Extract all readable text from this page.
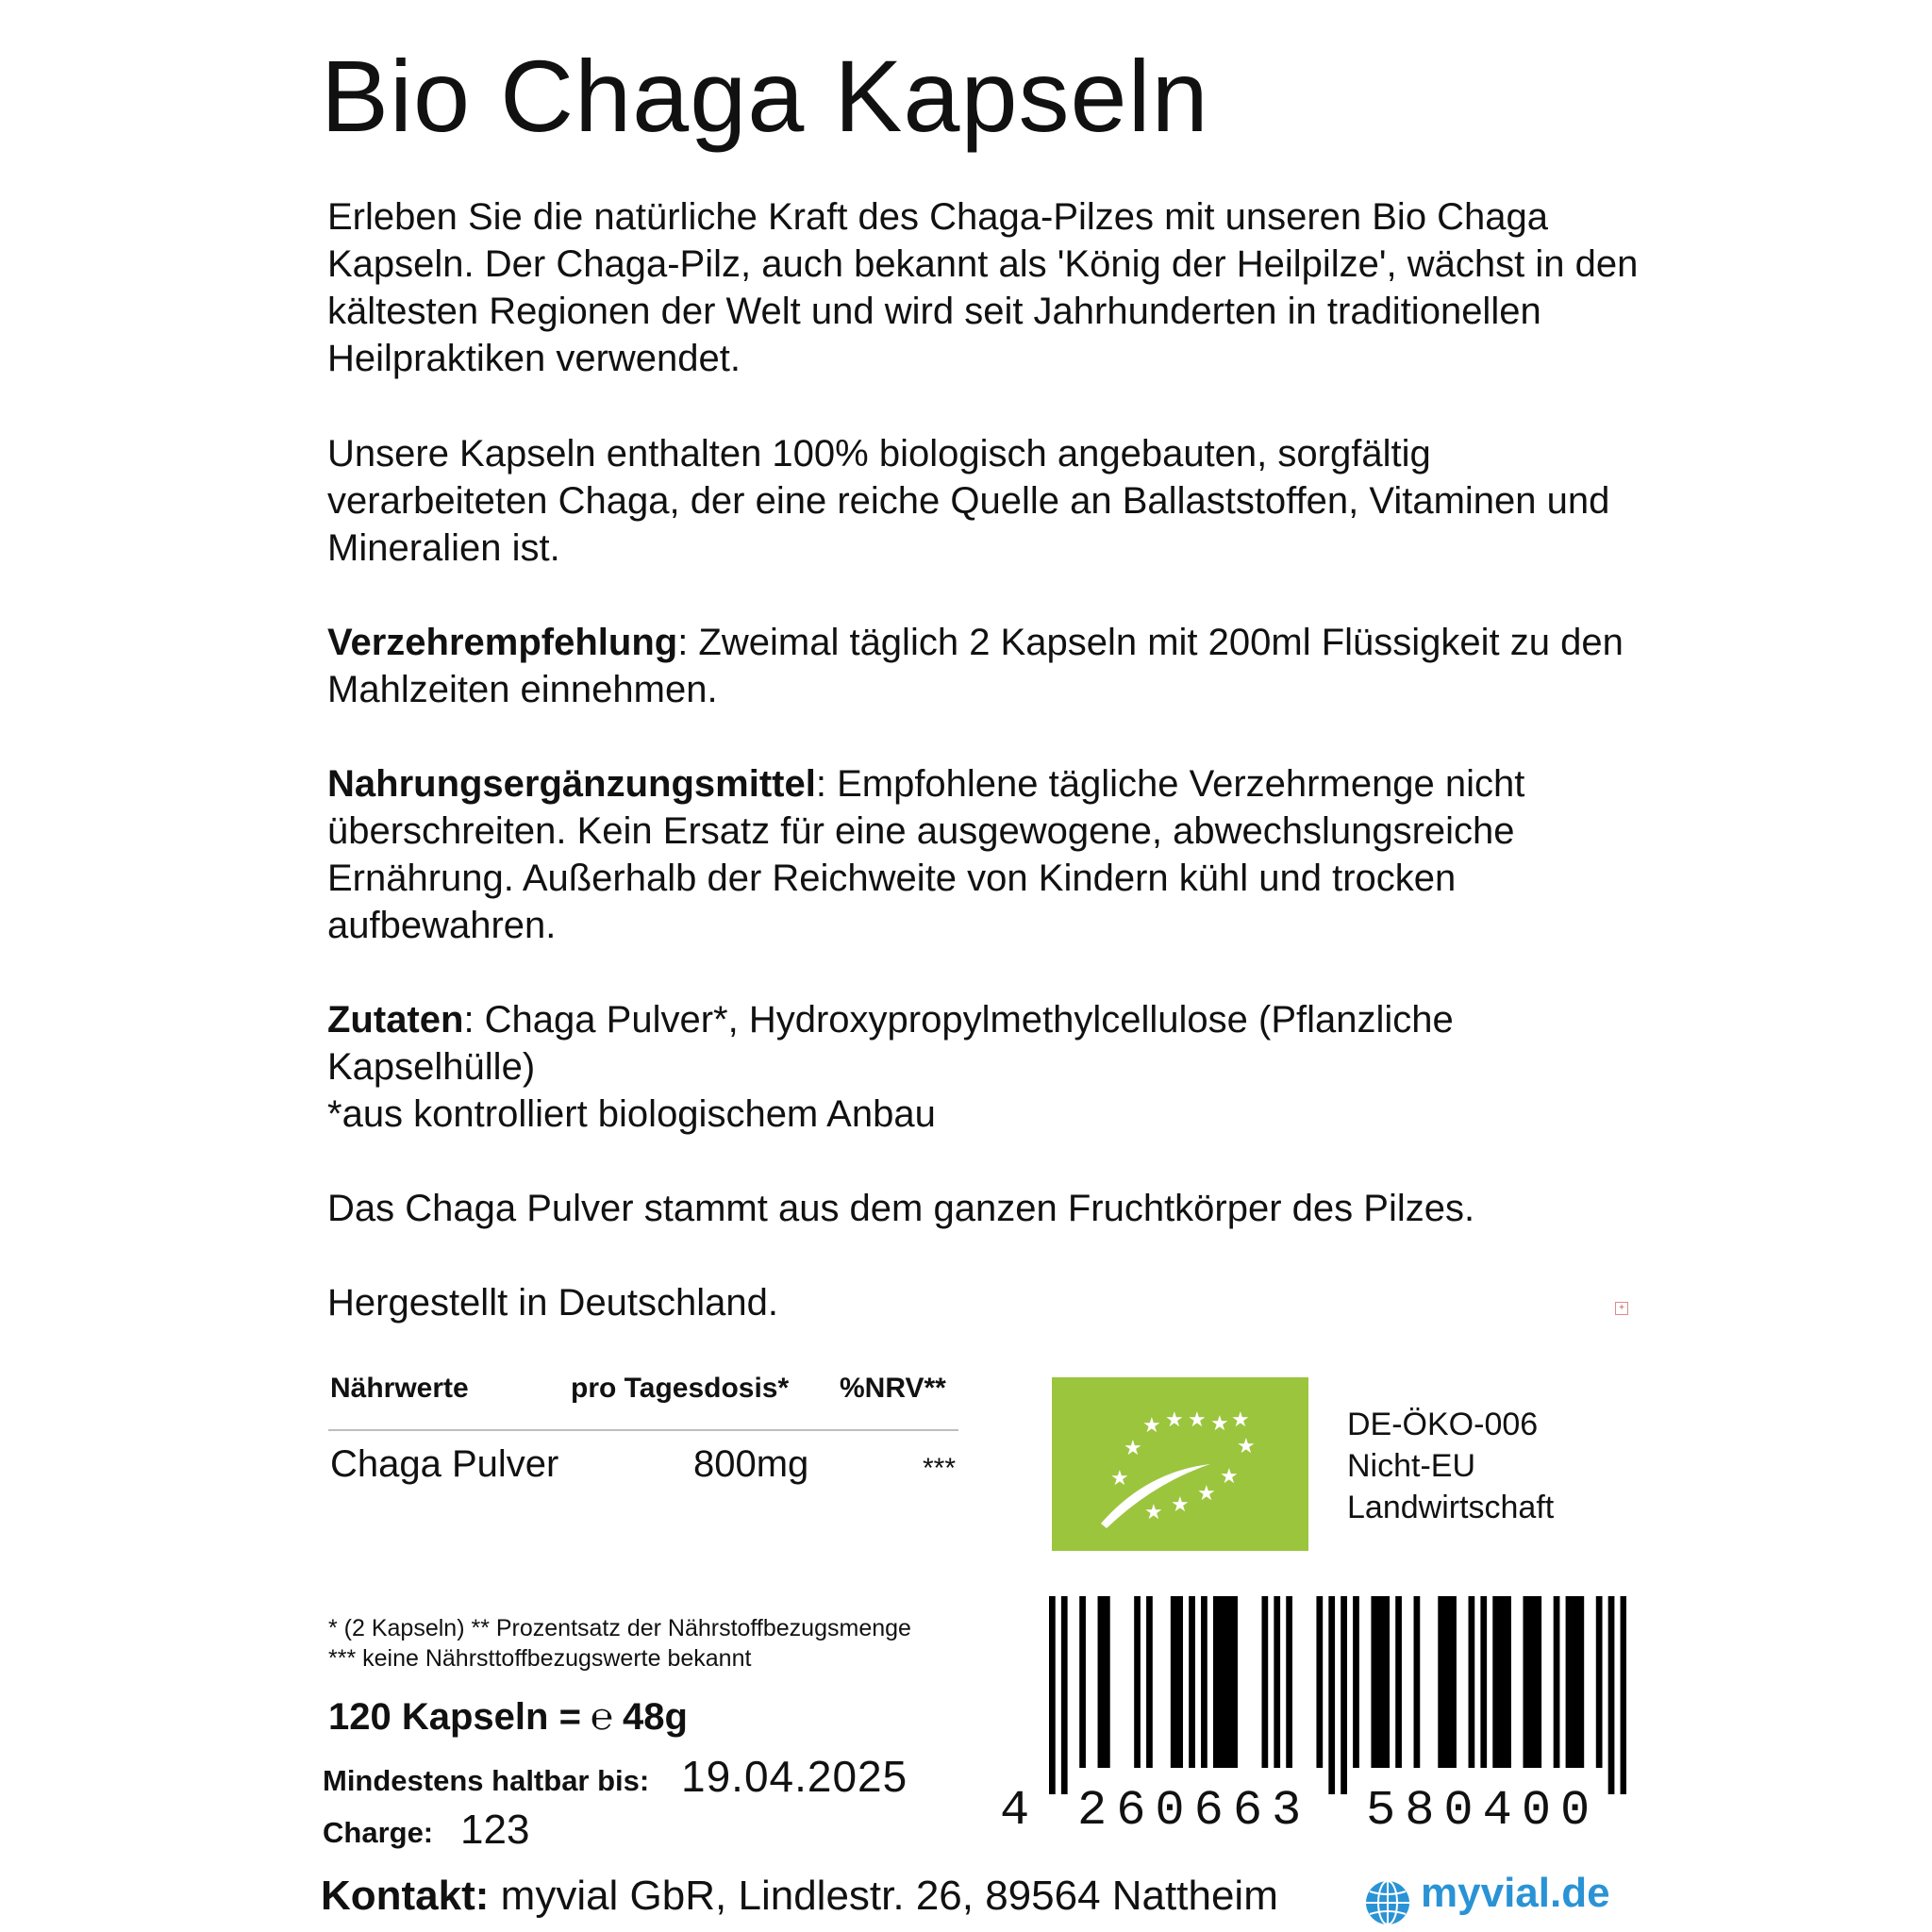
Bio Chaga Kapseln

Erleben Sie die natürliche Kraft des Chaga-Pilzes mit unseren Bio Chaga Kapseln. Der Chaga-Pilz, auch bekannt als 'König der Heilpilze', wächst in den kältesten Regionen der Welt und wird seit Jahrhunderten in traditionellen Heilpraktiken verwendet.

Unsere Kapseln enthalten 100% biologisch angebauten, sorgfältig verarbeiteten Chaga, der eine reiche Quelle an Ballaststoffen, Vitaminen und Mineralien ist.

Verzehrempfehlung: Zweimal täglich 2 Kapseln mit 200ml Flüssigkeit zu den Mahlzeiten einnehmen.

Nahrungsergänzungsmittel: Empfohlene tägliche Verzehrmenge nicht überschreiten. Kein Ersatz für eine ausgewogene, abwechslungsreiche Ernährung. Außerhalb der Reichweite von Kindern kühl und trocken aufbewahren.

Zutaten: Chaga Pulver*, Hydroxypropylmethylcellulose (Pflanzliche Kapselhülle)
*aus kontrolliert biologischem Anbau

Das Chaga Pulver stammt aus dem ganzen Fruchtkörper des Pilzes.

Hergestellt in Deutschland.	+
Nährwerte	pro Tagesdosis* %NRV**
Chaga Pulver	800mg	***
★ ★ ★ ★ ★
★	★
★	★
★
★
★
DE-ÖKO-006
Nicht-EU
Landwirtschaft
* (2 Kapseln) ** Prozentsatz der Nährstoffbezugsmenge
*** keine Nährsttoffbezugswerte bekannt
120 Kapseln = ℮ 48g
Mindestens haltbar bis: 19.04.2025
Charge: 123
Kontakt: myvial GbR, Lindlestr. 26, 89564 Nattheim	myvial.de
4 260663 580400
